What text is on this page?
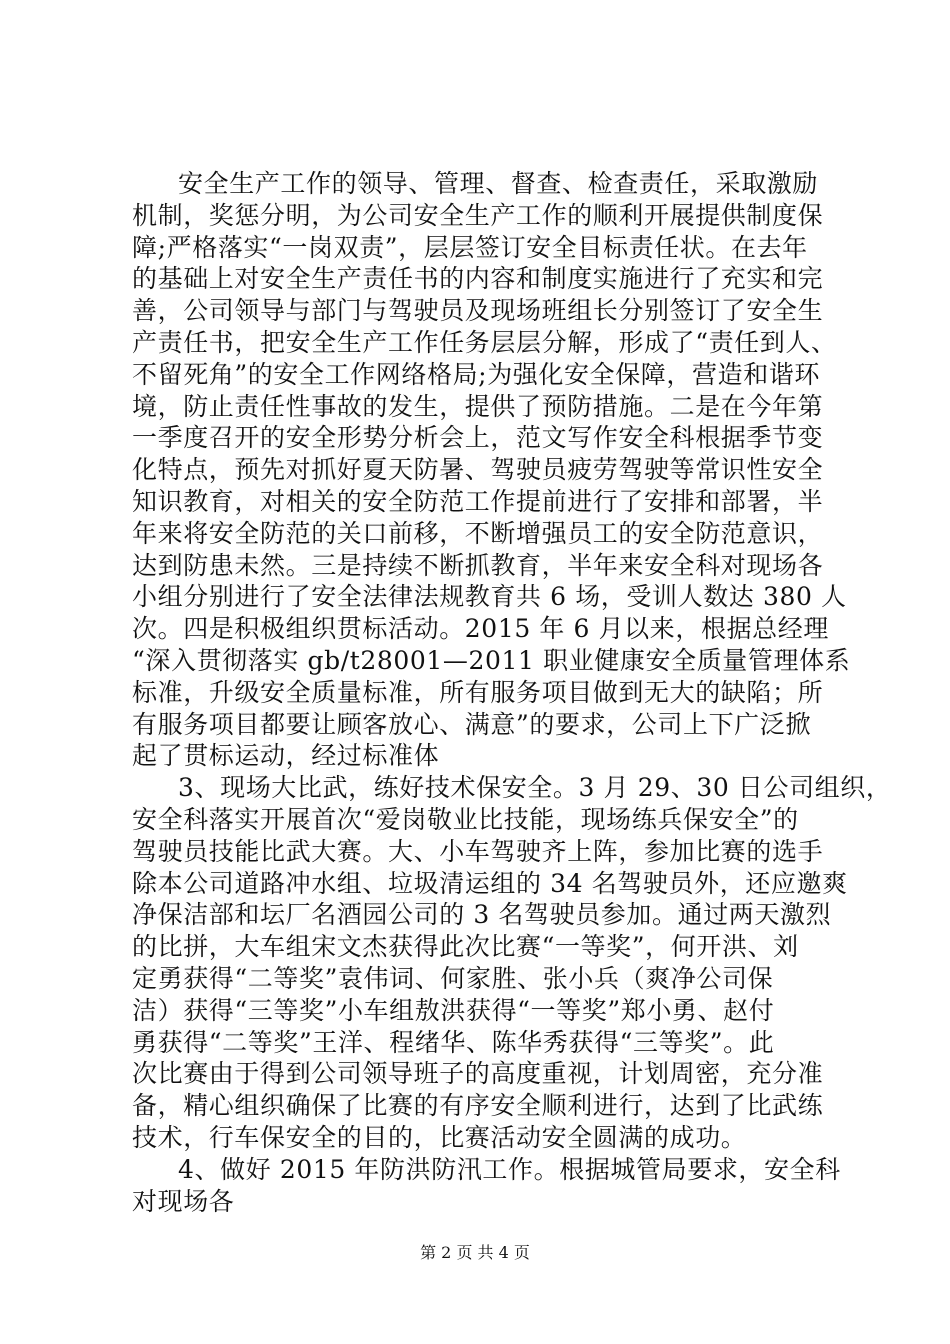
安全生产工作的领导、管理、督查、检查责任，采取激励
机制，奖惩分明，为公司安全生产工作的顺利开展提供制度保
障;严格落实“一岗双责”，层层签订安全目标责任状。在去年
的基础上对安全生产责任书的内容和制度实施进行了充实和完
善，公司领导与部门与驾驶员及现场班组长分别签订了安全生
产责任书，把安全生产工作任务层层分解，形成了“责任到人、
不留死角”的安全工作网络格局;为强化安全保障，营造和谐环
境，防止责任性事故的发生，提供了预防措施。二是在今年第
一季度召开的安全形势分析会上，范文写作安全科根据季节变
化特点，预先对抓好夏天防暑、驾驶员疲劳驾驶等常识性安全
知识教育，对相关的安全防范工作提前进行了安排和部署，半
年来将安全防范的关口前移，不断增强员工的安全防范意识，
达到防患未然。三是持续不断抓教育，半年来安全科对现场各
小组分别进行了安全法律法规教育共 6 场，受训人数达 380 人
次。四是积极组织贯标活动。2015 年 6 月以来，根据总经理
“深入贯彻落实 gb/t28001—2011 职业健康安全质量管理体系
标准，升级安全质量标准，所有服务项目做到无大的缺陷；所
有服务项目都要让顾客放心、满意”的要求，公司上下广泛掀
起了贯标运动，经过标准体
3、现场大比武，练好技术保安全。3 月 29、30 日公司组织，
安全科落实开展首次“爱岗敬业比技能，现场练兵保安全”的
驾驶员技能比武大赛。大、小车驾驶齐上阵，参加比赛的选手
除本公司道路冲水组、垃圾清运组的 34 名驾驶员外，还应邀爽
净保洁部和坛厂名酒园公司的 3 名驾驶员参加。通过两天激烈
的比拼，大车组宋文杰获得此次比赛“一等奖”，何开洪、刘
定勇获得“二等奖”袁伟词、何家胜、张小兵（爽净公司保
洁）获得“三等奖”小车组敖洪获得“一等奖”郑小勇、赵付
勇获得“二等奖”王洋、程绪华、陈华秀获得“三等奖”。此
次比赛由于得到公司领导班子的高度重视，计划周密，充分准
备，精心组织确保了比赛的有序安全顺利进行，达到了比武练
技术，行车保安全的目的，比赛活动安全圆满的成功。
4、做好 2015 年防洪防汛工作。根据城管局要求，安全科
对现场各
第 2 页 共 4 页
